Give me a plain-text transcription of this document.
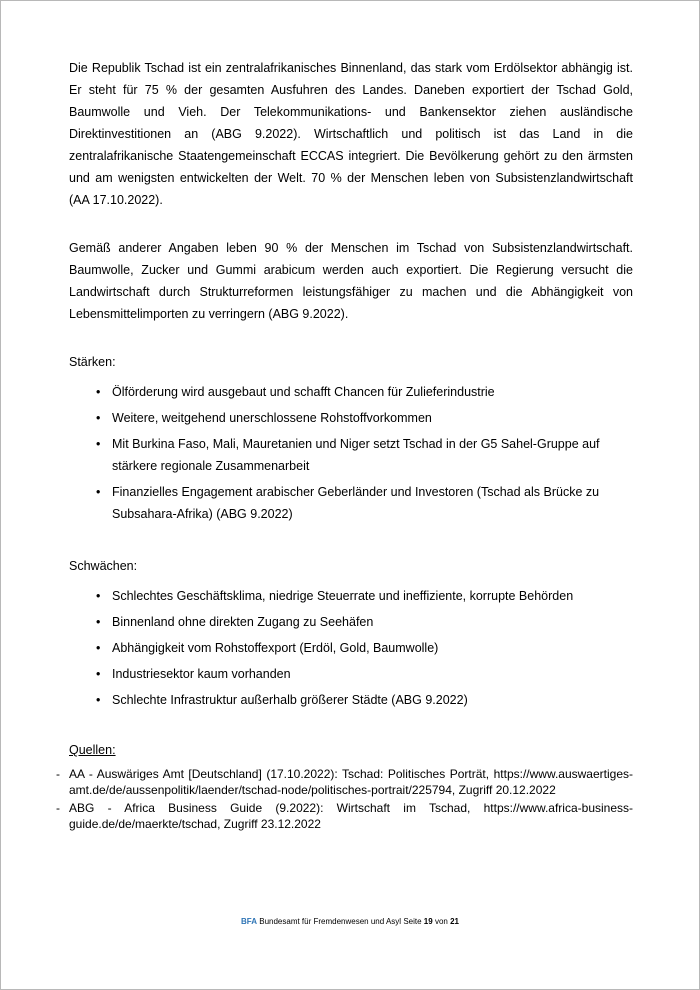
Die Republik Tschad ist ein zentralafrikanisches Binnenland, das stark vom Erdölsektor abhängig ist. Er steht für 75 % der gesamten Ausfuhren des Landes. Daneben exportiert der Tschad Gold, Baumwolle und Vieh. Der Telekommunikations- und Bankensektor ziehen ausländische Direktinvestitionen an (ABG 9.2022). Wirtschaftlich und politisch ist das Land in die zentralafrikanische Staatengemeinschaft ECCAS integriert. Die Bevölkerung gehört zu den ärmsten und am wenigsten entwickelten der Welt. 70 % der Menschen leben von Subsistenzlandwirtschaft (AA 17.10.2022).

Gemäß anderer Angaben leben 90 % der Menschen im Tschad von Subsistenzlandwirtschaft. Baumwolle, Zucker und Gummi arabicum werden auch exportiert. Die Regierung versucht die Landwirtschaft durch Strukturreformen leistungsfähiger zu machen und die Abhängigkeit von Lebensmittelimporten zu verringern (ABG 9.2022).

Stärken:

• Ölförderung wird ausgebaut und schafft Chancen für Zulieferindustrie
• Weitere, weitgehend unerschlossene Rohstoffvorkommen
• Mit Burkina Faso, Mali, Mauretanien und Niger setzt Tschad in der G5 Sahel-Gruppe auf stärkere regionale Zusammenarbeit
• Finanzielles Engagement arabischer Geberländer und Investoren (Tschad als Brücke zu Subsahara-Afrika) (ABG 9.2022)

Schwächen:

• Schlechtes Geschäftsklima, niedrige Steuerrate und ineffiziente, korrupte Behörden
• Binnenland ohne direkten Zugang zu Seehäfen
• Abhängigkeit vom Rohstoffexport (Erdöl, Gold, Baumwolle)
• Industriesektor kaum vorhanden
• Schlechte Infrastruktur außerhalb größerer Städte (ABG 9.2022)

Quellen:

- AA - Auswäriges Amt [Deutschland] (17.10.2022): Tschad: Politisches Porträt, https://www.auswaertiges-amt.de/de/aussenpolitik/laender/tschad-node/politisches-portrait/225794, Zugriff 20.12.2022
- ABG - Africa Business Guide (9.2022): Wirtschaft im Tschad, https://www.africa-business-guide.de/de/maerkte/tschad, Zugriff 23.12.2022
BFA Bundesamt für Fremdenwesen und Asyl Seite 19 von 21
